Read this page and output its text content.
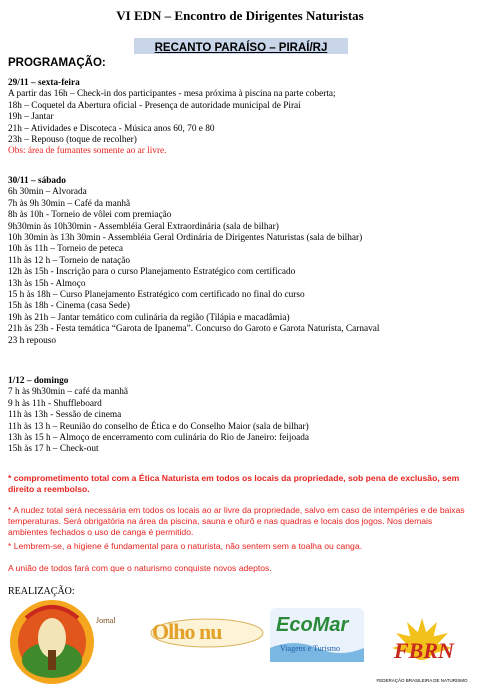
VI EDN – Encontro de Dirigentes Naturistas
RECANTO PARAÍSO – PIRAÍ/RJ
PROGRAMAÇÃO:
29/11 – sexta-feira
A partir das 16h – Check-in dos participantes - mesa próxima à piscina na parte coberta;
18h – Coquetel da Abertura oficial - Presença de autoridade municipal de Piraí
19h – Jantar
21h – Atividades e Discoteca - Música anos 60, 70 e 80
23h – Repouso (toque de recolher)
Obs: área de fumantes somente ao ar livre.
30/11 – sábado
6h 30min – Alvorada
7h às 9h 30min – Café da manhã
8h às 10h - Torneio de vôlei com premiação
9h30min às 10h30min - Assembléia Geral Extraordinária (sala de bilhar)
10h 30min às 13h 30min - Assembléia Geral Ordinária de Dirigentes Naturistas (sala de bilhar)
10h às 11h – Torneio de peteca
11h às 12 h – Torneio de natação
12h às 15h - Inscrição para o curso Planejamento Estratégico com certificado
13h às 15h - Almoço
15 h às 18h – Curso Planejamento Estratégico com certificado no final do curso
15h às 18h - Cinema (casa Sede)
19h às 21h – Jantar temático com culinária da região (Tilápia e macadâmia)
21h às 23h - Festa temática “Garota de Ipanema”. Concurso do Garoto e Garota Naturista, Carnaval
23 h repouso
1/12 – domingo
7 h às 9h30min – café da manhã
9 h às 11h - Shuffleboard
11h às 13h - Sessão de cinema
11h às 13 h – Reunião do conselho de Ética e do Conselho Maior (sala de bilhar)
13h às 15 h – Almoço de encerramento com culinária do Rio de Janeiro: feijoada
15h às 17 h – Check-out
* comprometimento total com a Ética Naturista em todos os locais da propriedade, sob pena de exclusão, sem direito a reembolso.
* A nudez total será necessária em todos os locais ao ar livre da propriedade, salvo em caso de intempéries e de baixas temperaturas. Será obrigatória na área da piscina, sauna e ofurô e nas quadras e locais dos jogos. Nos demais ambientes fechados o uso de canga é permitido.
* Lembrem-se, a higiene é fundamental para o naturista, não sentem sem a toalha ou canga.
A união de todos fará com que o naturismo conquiste novos adeptos.
REALIZAÇÃO:
Jornal Olho nu	EcoMar
Viagens e Turismo FBRN
FEDERAÇÃO BRASILEIRA DE NATURISMO
